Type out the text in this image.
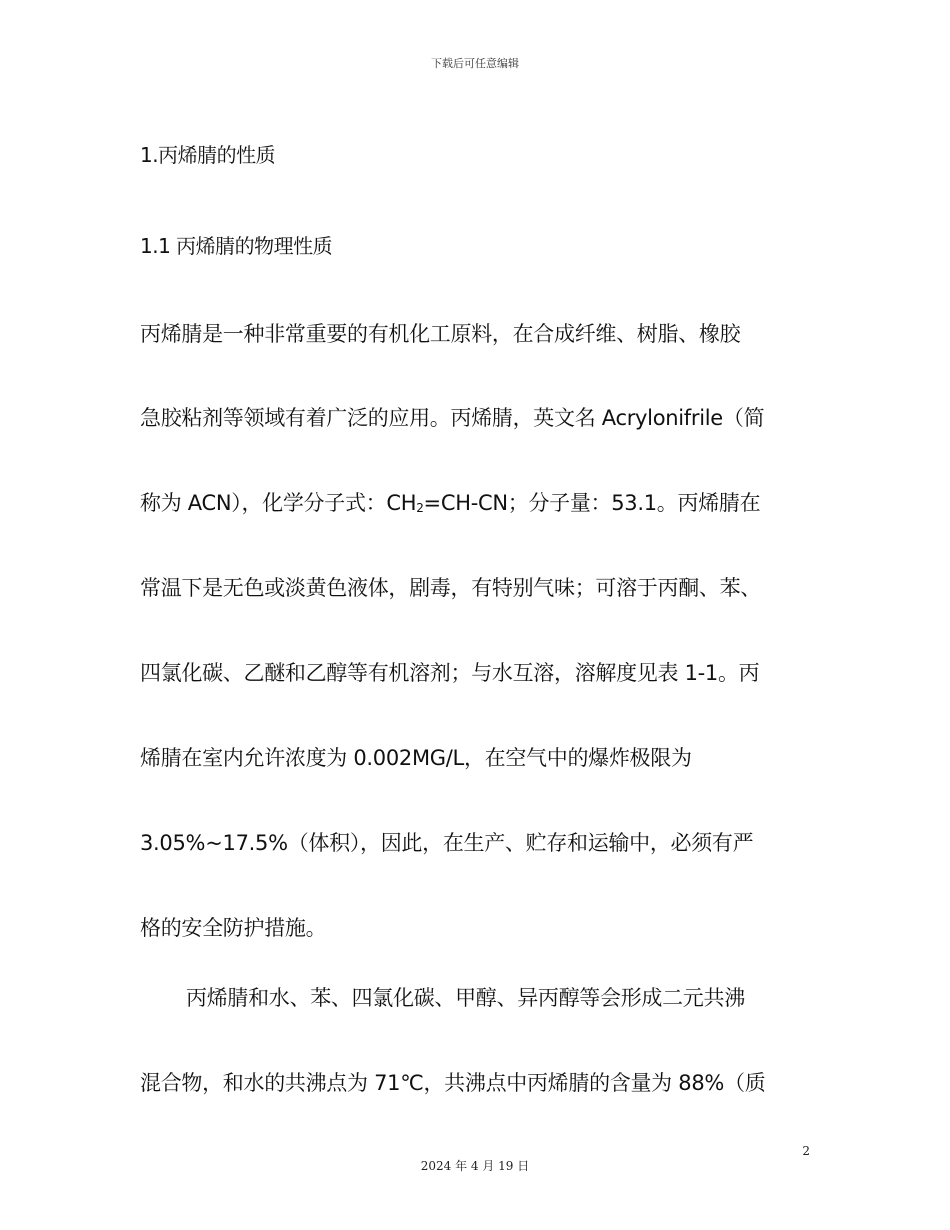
下载后可任意编辑
1.丙烯腈的性质
1.1 丙烯腈的物理性质
丙烯腈是一种非常重要的有机化工原料，在合成纤维、树脂、橡胶
急胶粘剂等领域有着广泛的应用。丙烯腈，英文名 Acrylonifrile（简
称为 ACN），化学分子式：$CH_2=CH-CN$；分子量：53.1。丙烯腈在
常温下是无色或淡黄色液体，剧毒，有特别气味；可溶于丙酮、苯、
四氯化碳、乙醚和乙醇等有机溶剂；与水互溶，溶解度见表 1-1。丙
烯腈在室内允许浓度为 0.002MG/L，在空气中的爆炸极限为
3.05%~17.5%（体积），因此，在生产、贮存和运输中，必须有严
格的安全防护措施。
丙烯腈和水、苯、四氯化碳、甲醇、异丙醇等会形成二元共沸
混合物，和水的共沸点为 71℃，共沸点中丙烯腈的含量为 88%（质
2
2024 年 4 月 19 日
